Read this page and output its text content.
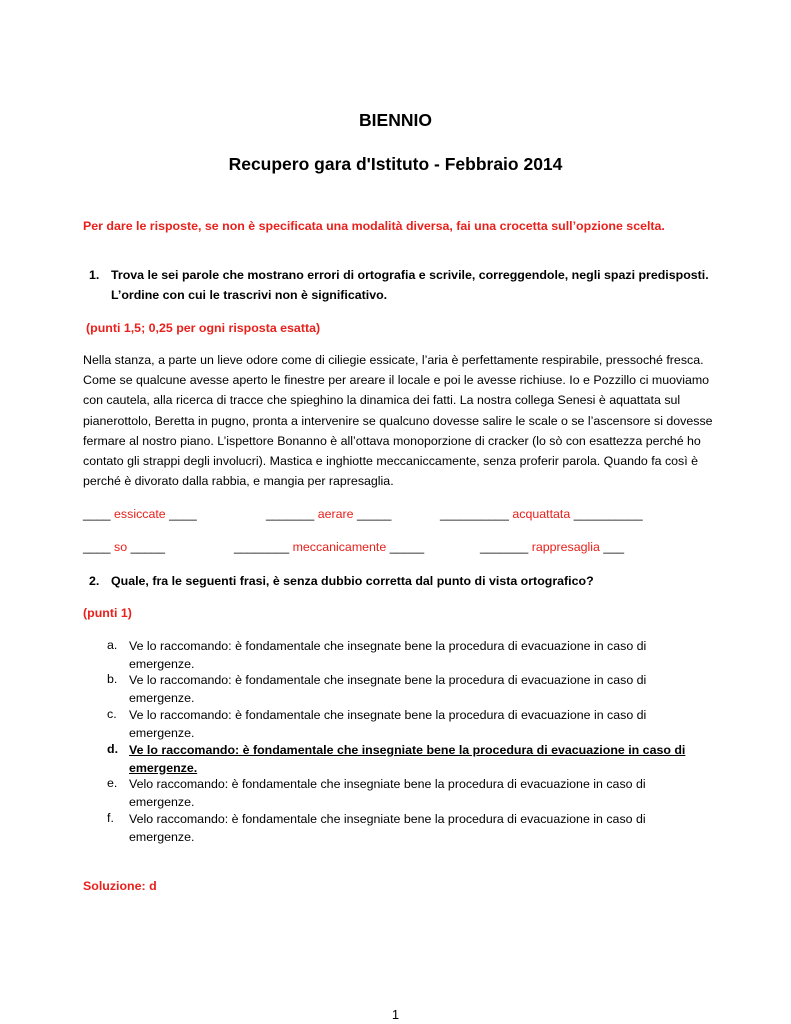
BIENNIO
Recupero gara d'Istituto - Febbraio 2014
Per dare le risposte, se non è specificata una modalità diversa, fai una crocetta sull’opzione scelta.
1. Trova le sei parole che mostrano errori di ortografia e scrivile, correggendole, negli spazi predisposti.
L’ordine con cui le trascrivi non è significativo.
(punti 1,5; 0,25 per ogni risposta esatta)
Nella stanza, a parte un lieve odore come di ciliegie essicate, l’aria è perfettamente respirabile, pressoché fresca. Come se qualcune avesse aperto le finestre per areare il locale e poi le avesse richiuse. Io e Pozzillo ci muoviamo con cautela, alla ricerca di tracce che spieghino la dinamica dei fatti. La nostra collega Senesi è aquattata sul pianerottolo, Beretta in pugno, pronta a intervenire se qualcuno dovesse salire le scale o se l’ascensore si dovesse fermare al nostro piano. L’ispettore Bonanno è all’ottava monoporzione di cracker (lo sò con esattezza perché ho contato gli strappi degli involucri). Mastica e inghiotte meccaniccamente, senza proferir parola. Quando fa così è perché è divorato dalla rabbia, e mangia per rapresaglia.
____ essiccate ____	_______ aerare _____	__________ acquattata __________
____ so _____	________ meccanicamente _____	_______ rappresaglia ___
2. Quale, fra le seguenti frasi, è senza dubbio corretta dal punto di vista ortografico?
(punti 1)
a. Ve lo raccomando: è fondamentale che insegnate bene la procedura di evacuazione in caso di emergenze.
b. Ve lo raccomando: è fondamentale che insegnate bene la procedura di evacuazione in caso di emergenze.
c. Ve lo raccomando: è fondamentale che insegnate bene la procedura di evacuazione in caso di emergenze.
d. Ve lo raccomando: è fondamentale che insegniate bene la procedura di evacuazione in caso di emergenze.
e. Velo raccomando: è fondamentale che insegniate bene la procedura di evacuazione in caso di emergenze.
f. Velo raccomando: è fondamentale che insegniate bene la procedura di evacuazione in caso di emergenze.
Soluzione: d
1
